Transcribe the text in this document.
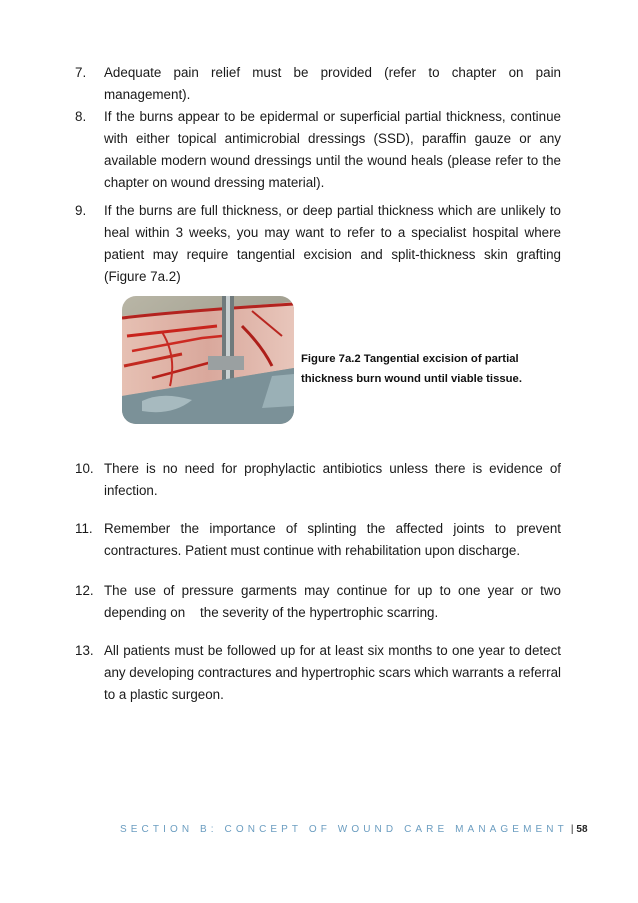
7. Adequate pain relief must be provided (refer to chapter on pain management).
8. If the burns appear to be epidermal or superficial partial thickness, continue with either topical antimicrobial dressings (SSD), paraffin gauze or any available modern wound dressings until the wound heals (please refer to the chapter on wound dressing material).
9. If the burns are full thickness, or deep partial thickness which are unlikely to heal within 3 weeks, you may want to refer to a specialist hospital where patient may require tangential excision and split-thickness skin grafting (Figure 7a.2)
Figure 7a.2 Tangential excision of partial thickness burn wound until viable tissue.
10. There is no need for prophylactic antibiotics unless there is evidence of infection.
11. Remember the importance of splinting the affected joints to prevent contractures. Patient must continue with rehabilitation upon discharge.
12. The use of pressure garments may continue for up to one year or two depending on    the severity of the hypertrophic scarring.
13. All patients must be followed up for at least six months to one year to detect any developing contractures and hypertrophic scars which warrants a referral to a plastic surgeon.
SECTION B: CONCEPT OF WOUND CARE MANAGEMENT | 58
